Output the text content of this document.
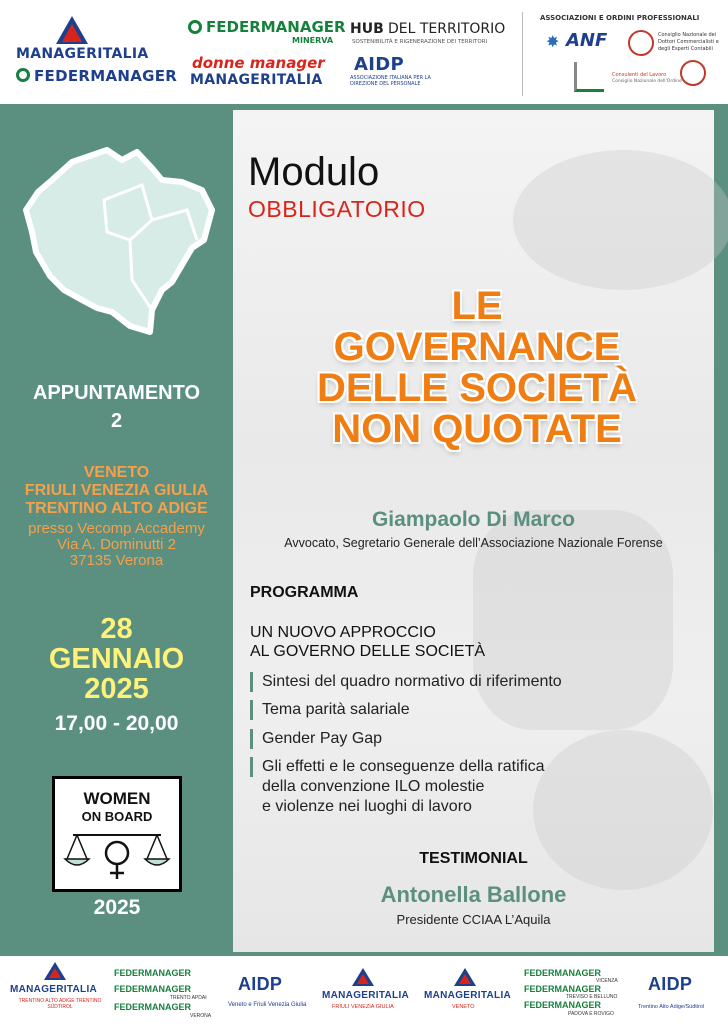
MANAGERITALIA
FEDERMANAGER
FEDERMANAGER
MINERVA
donne manager
MANAGERITALIA
HUB DEL TERRITORIO
SOSTENIBILITÀ E RIGENERAZIONE DEI TERRITORI
AIDP
ASSOCIAZIONE ITALIANA PER LA DIREZIONE DEL PERSONALE
ASSOCIAZIONI E ORDINI PROFESSIONALI
✸ ANF	Consiglio Nazionale dei Dottori Commercialisti e degli Esperti Contabili
Consulenti del Lavoro
Consiglio Nazionale dell'Ordine
APPUNTAMENTO
2
VENETO
FRIULI VENEZIA GIULIA
TRENTINO ALTO ADIGE
presso Vecomp Accademy
Via A. Dominutti 2
37135 Verona
28
GENNAIO
2025
17,00 - 20,00
WOMEN
ON BOARD
2025
Modulo
OBBLIGATORIO
LE
GOVERNANCE
DELLE SOCIETÀ
NON QUOTATE
Giampaolo Di Marco
Avvocato, Segretario Generale dell’Associazione Nazionale Forense
PROGRAMMA
UN NUOVO APPROCCIO
AL GOVERNO DELLE SOCIETÀ
Sintesi del quadro normativo di riferimento
Tema parità salariale
Gender Pay Gap
Gli effetti e le conseguenze della ratifica
della convenzione ILO molestie
e violenze nei luoghi di lavoro
TESTIMONIAL
Antonella Ballone
Presidente CCIAA L’Aquila
MANAGERITALIA
TRENTINO ALTO ADIGE TRENTINO SÜDTIROL
FEDERMANAGER
FEDERMANAGER
TRENTO APDAI
FEDERMANAGER
VERONA
AIDP
Veneto e Friuli Venezia Giulia
MANAGERITALIA
FRIULI VENEZIA GIULIA
MANAGERITALIA
VENETO
FEDERMANAGER
VICENZA
FEDERMANAGER
TREVISO E BELLUNO
FEDERMANAGER
PADOVA E ROVIGO
AIDP
Trentino Alto Adige/Südtirol
